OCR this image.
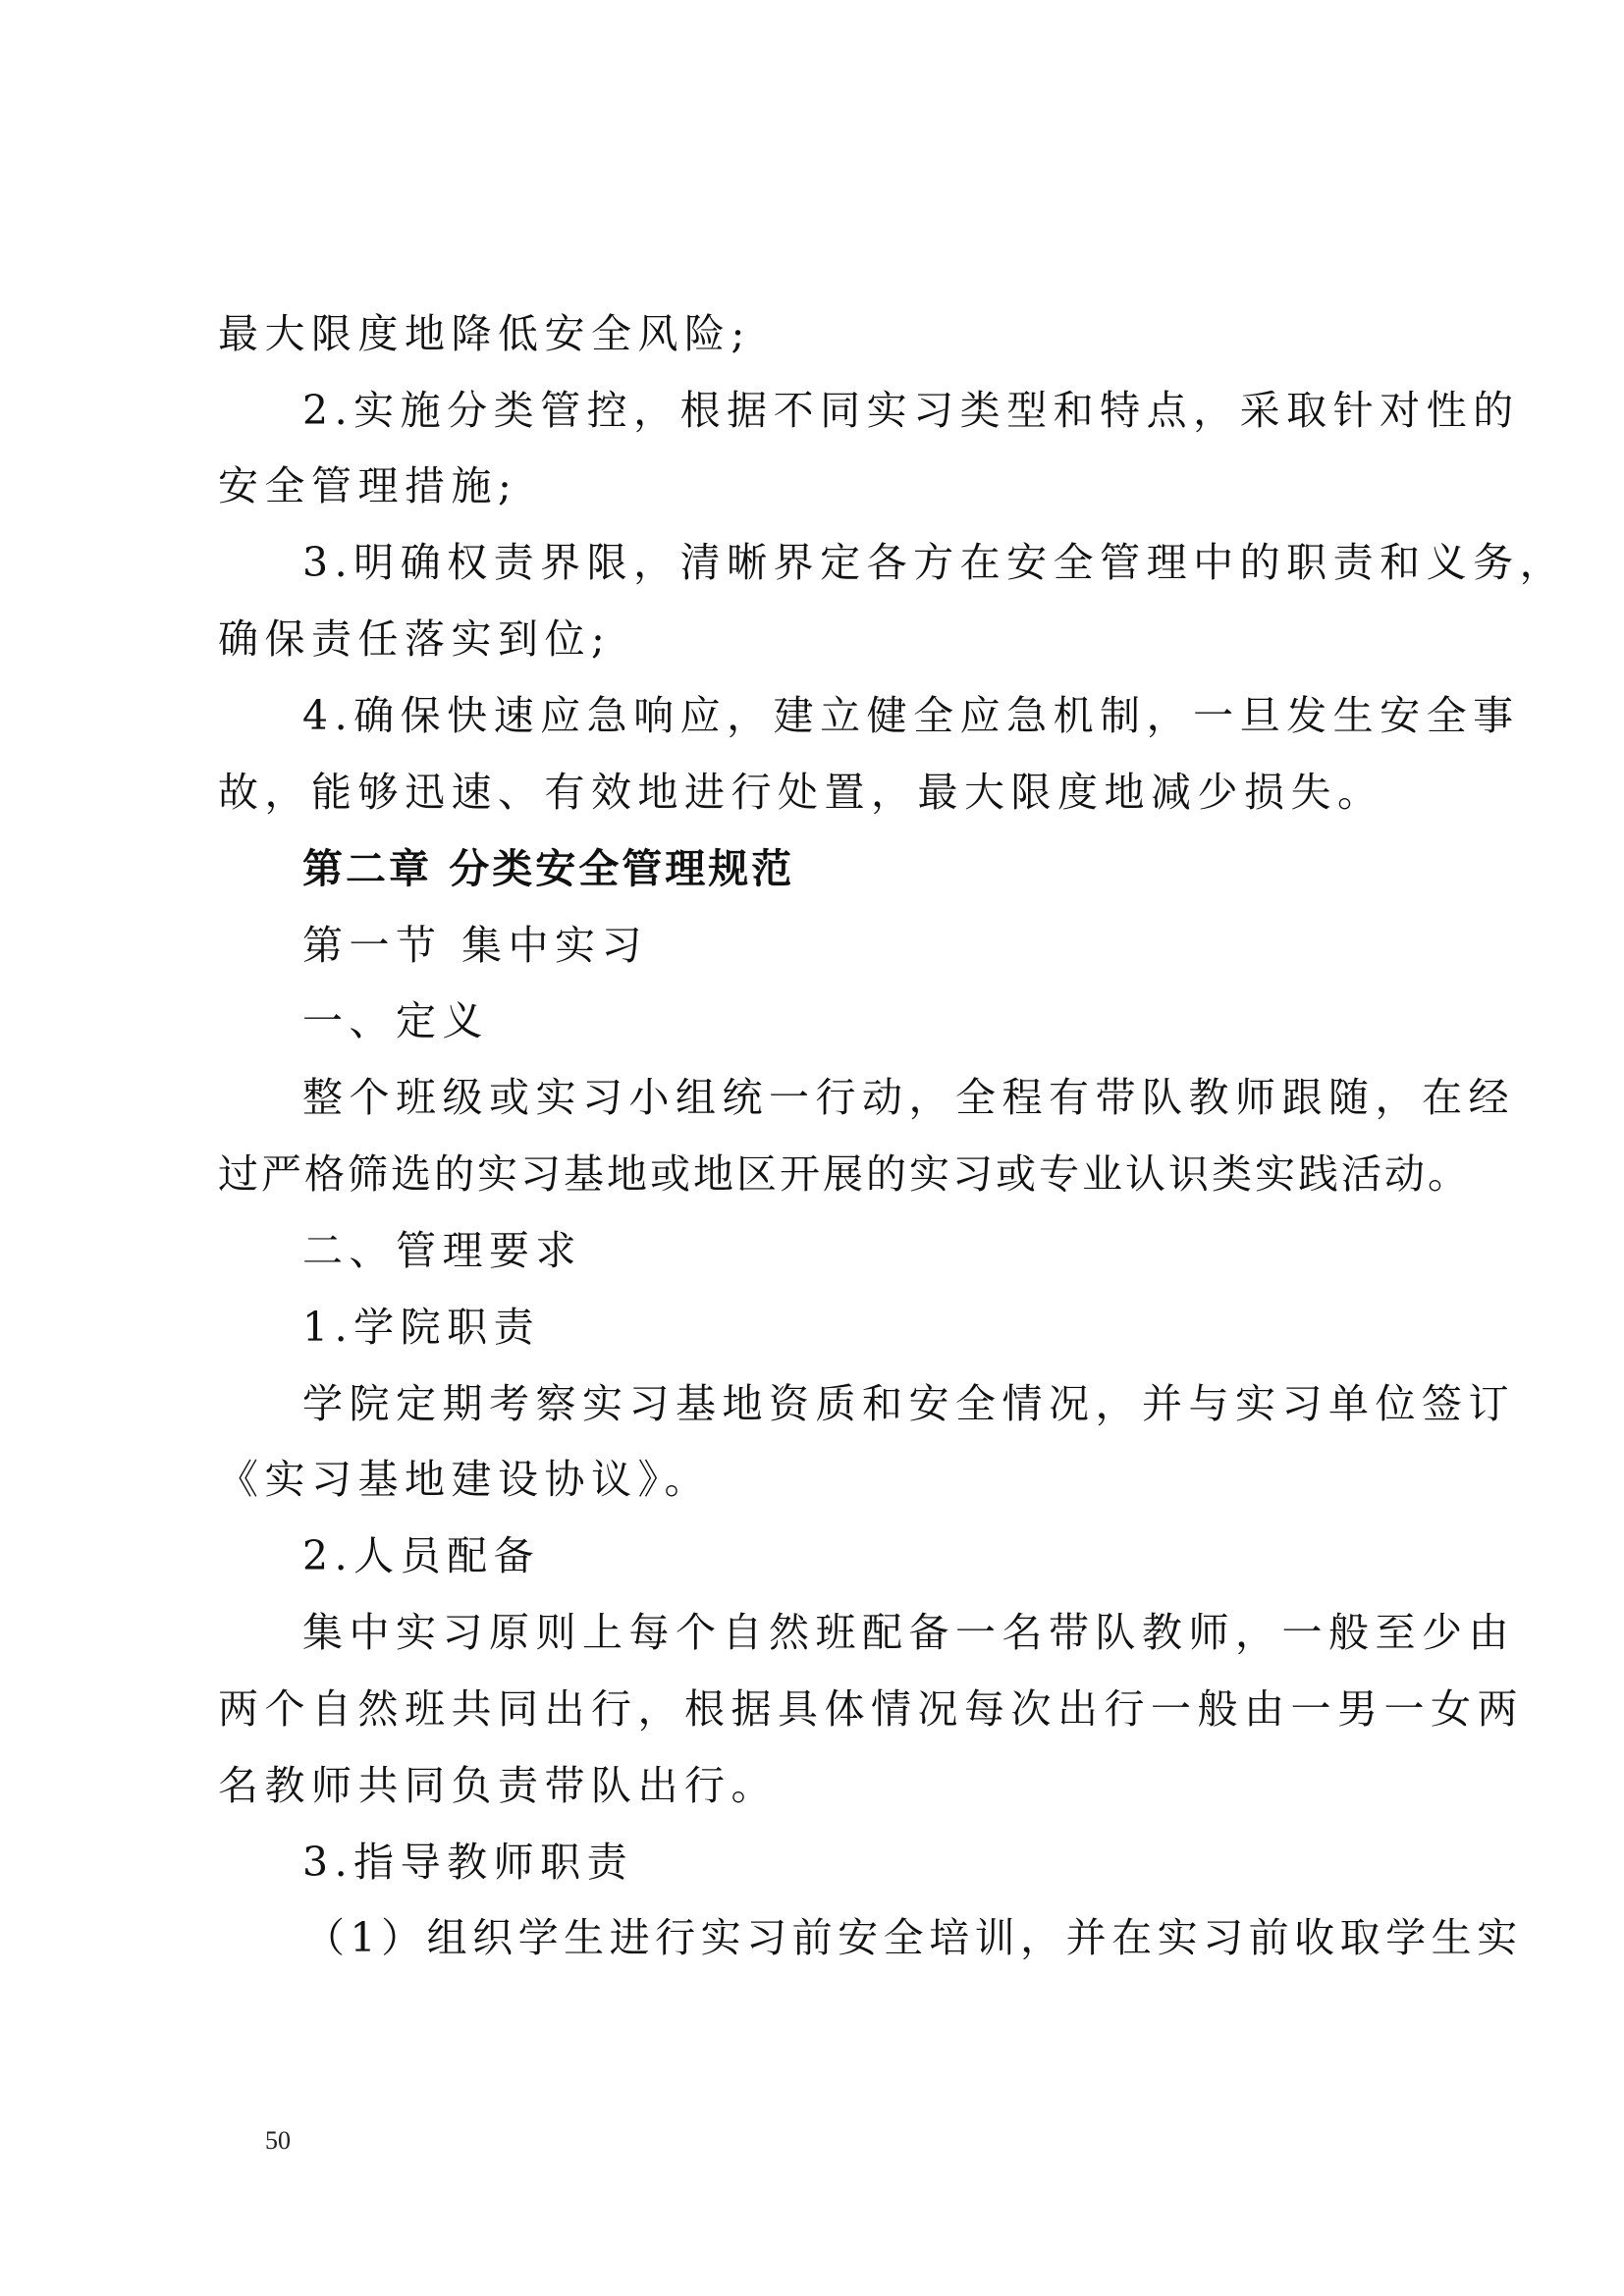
最大限度地降低安全风险;
2.实施分类管控，根据不同实习类型和特点，采取针对性的
安全管理措施;
3.明确权责界限，清晰界定各方在安全管理中的职责和义务，
确保责任落实到位;
4.确保快速应急响应，建立健全应急机制，一旦发生安全事
故，能够迅速、有效地进行处置，最大限度地减少损失。
第二章 分类安全管理规范
第一节 集中实习
一、定义
整个班级或实习小组统一行动，全程有带队教师跟随，在经
过严格筛选的实习基地或地区开展的实习或专业认识类实践活动。
二、管理要求
1.学院职责
学院定期考察实习基地资质和安全情况，并与实习单位签订
《实习基地建设协议》。
2.人员配备
集中实习原则上每个自然班配备一名带队教师，一般至少由
两个自然班共同出行，根据具体情况每次出行一般由一男一女两
名教师共同负责带队出行。
3.指导教师职责
（1）组织学生进行实习前安全培训，并在实习前收取学生实
50
